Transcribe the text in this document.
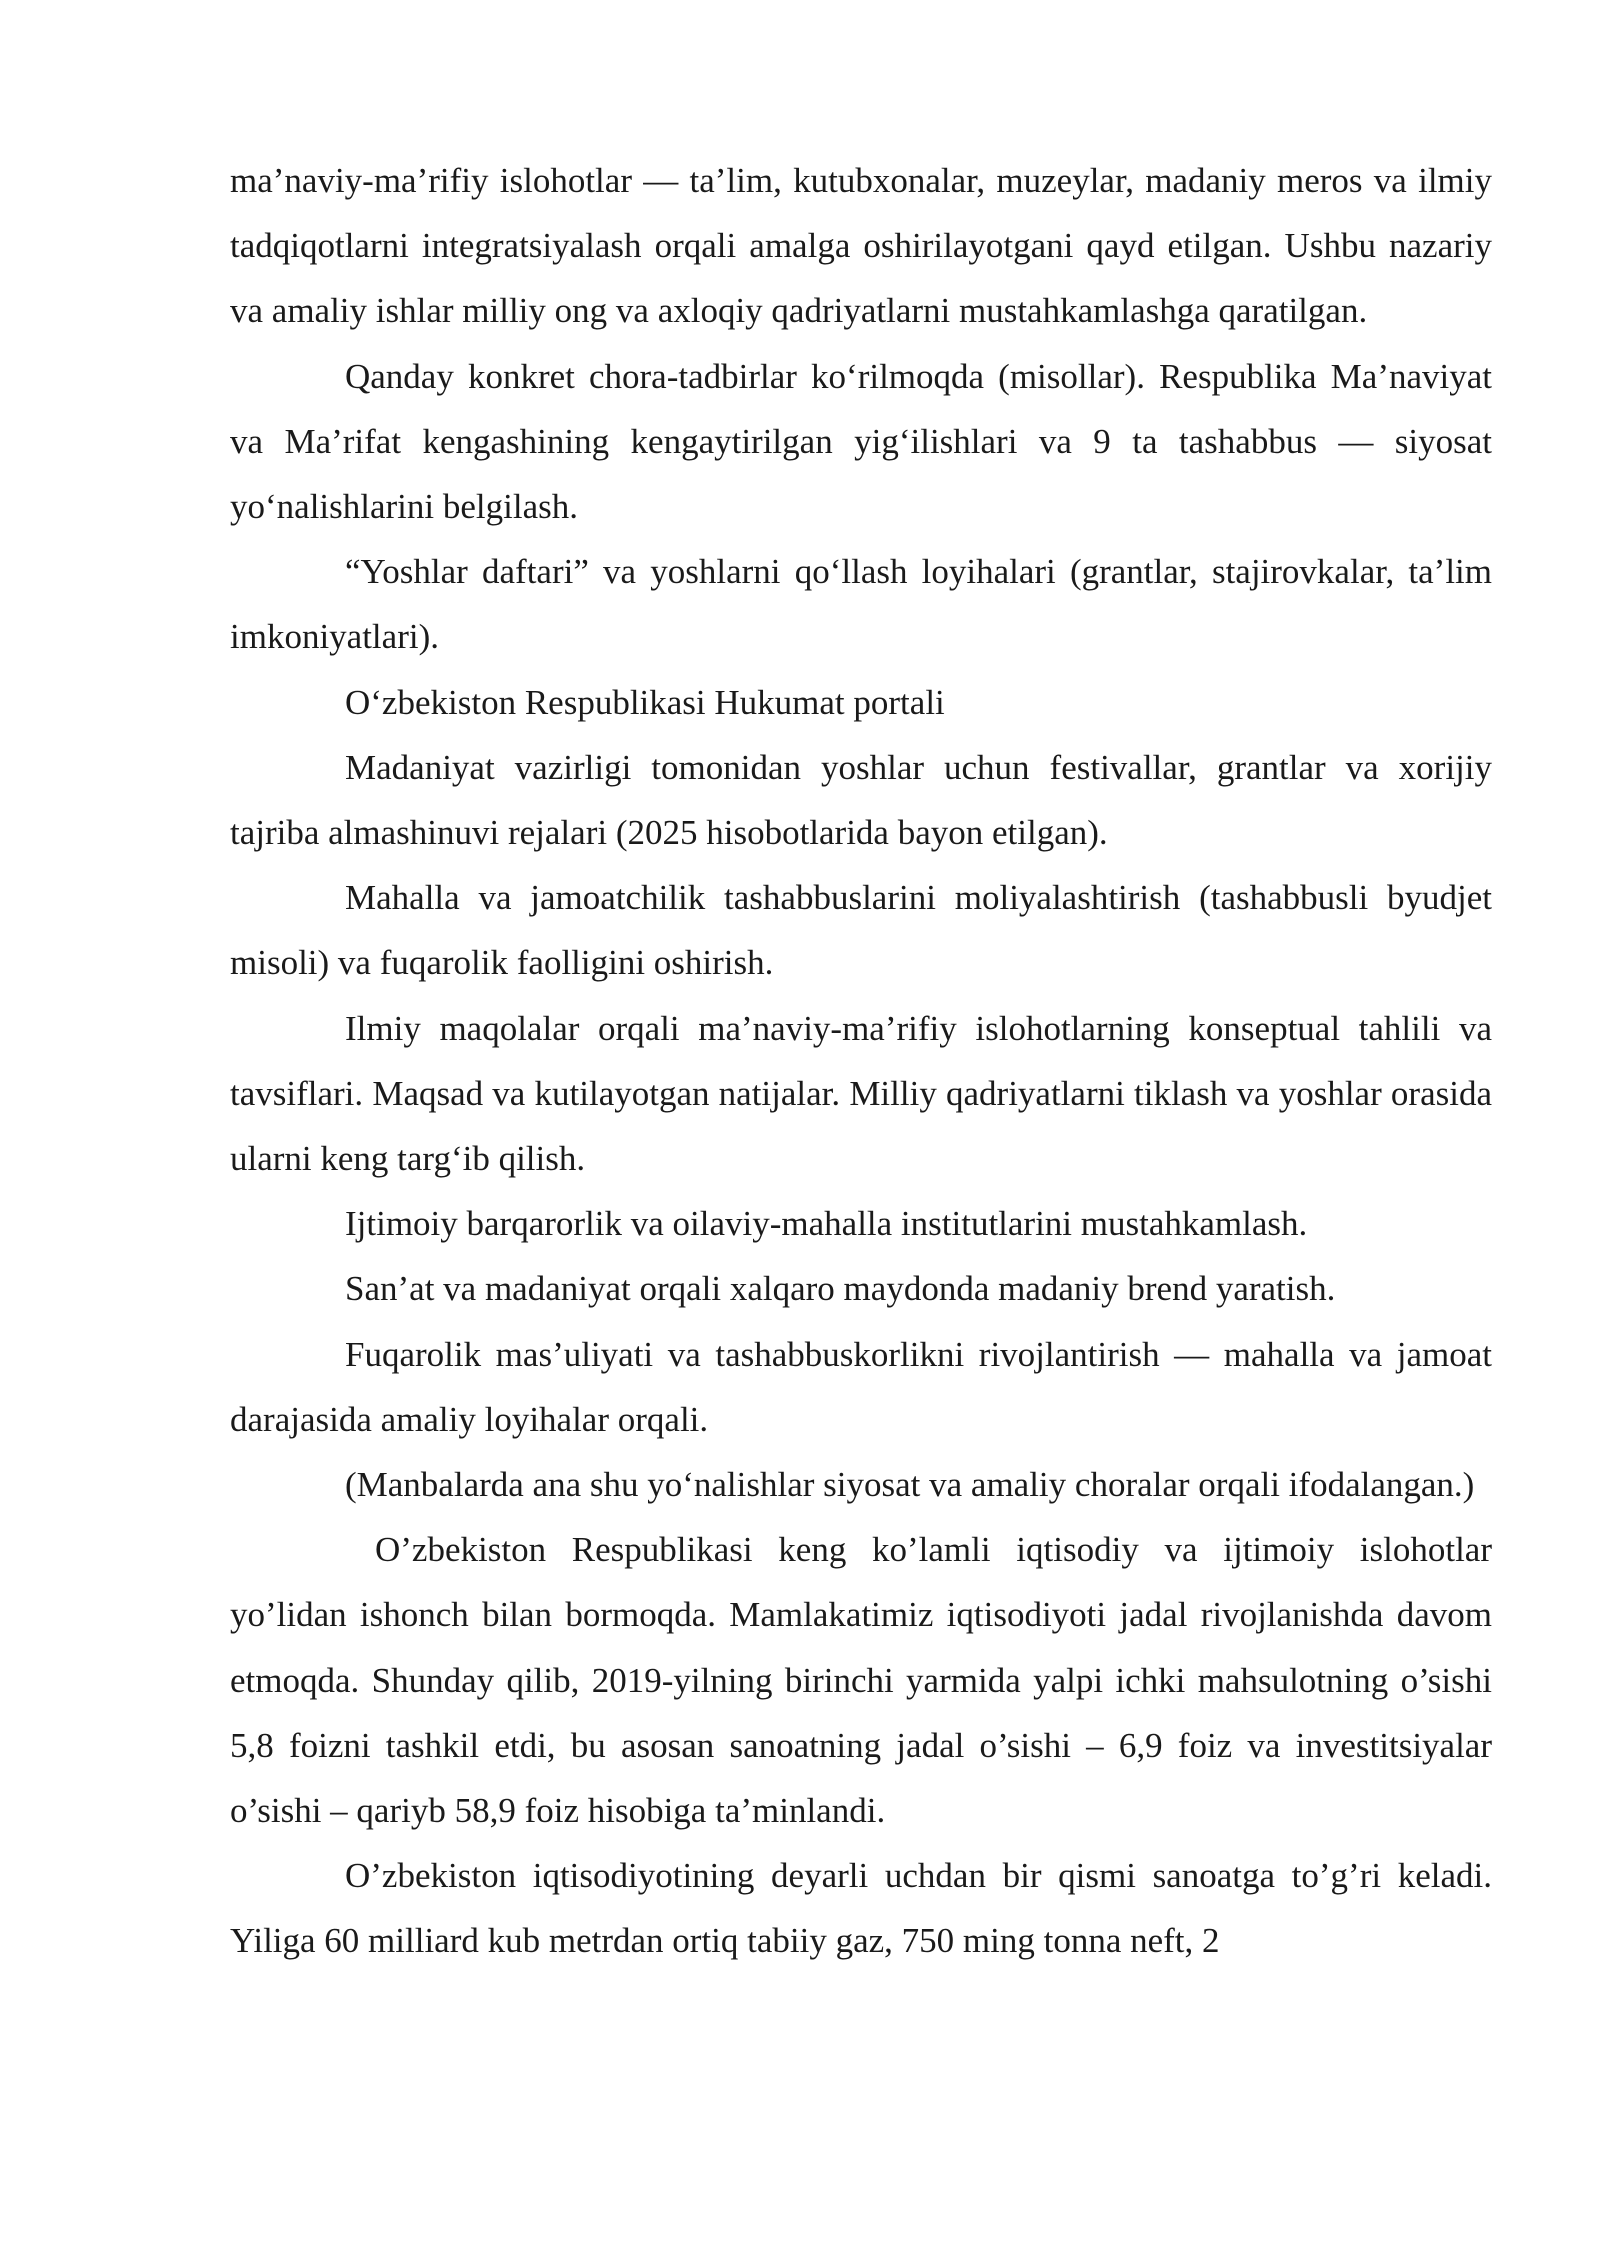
ma’naviy-ma’rifiy islohotlar — ta’lim, kutubxonalar, muzeylar, madaniy meros va ilmiy tadqiqotlarni integratsiyalash orqali amalga oshirilayotgani qayd etilgan. Ushbu nazariy va amaliy ishlar milliy ong va axloqiy qadriyatlarni mustahkamlashga qaratilgan.

Qanday konkret chora-tadbirlar ko‘rilmoqda (misollar). Respublika Ma’naviyat va Ma’rifat kengashining kengaytirilgan yig‘ilishlari va 9 ta tashabbus — siyosat yo‘nalishlarini belgilash.

“Yoshlar daftari” va yoshlarni qo‘llash loyihalari (grantlar, stajirovkalar, ta’lim imkoniyatlari).

O‘zbekiston Respublikasi Hukumat portali

Madaniyat vazirligi tomonidan yoshlar uchun festivallar, grantlar va xorijiy tajriba almashinuvi rejalari (2025 hisobotlarida bayon etilgan).

Mahalla va jamoatchilik tashabbuslarini moliyalashtirish (tashabbusli byudjet misoli) va fuqarolik faolligini oshirish.

Ilmiy maqolalar orqali ma’naviy-ma’rifiy islohotlarning konseptual tahlili va tavsiflari. Maqsad va kutilayotgan natijalar. Milliy qadriyatlarni tiklash va yoshlar orasida ularni keng targ‘ib qilish.

Ijtimoiy barqarorlik va oilaviy-mahalla institutlarini mustahkamlash.

San’at va madaniyat orqali xalqaro maydonda madaniy brend yaratish.

Fuqarolik mas’uliyati va tashabbuskorlikni rivojlantirish — mahalla va jamoat darajasida amaliy loyihalar orqali.

(Manbalarda ana shu yo‘nalishlar siyosat va amaliy choralar orqali ifodalangan.)

O’zbekiston Respublikasi keng ko’lamli iqtisodiy va ijtimoiy islohotlar yo’lidan ishonch bilan bormoqda. Mamlakatimiz iqtisodiyoti jadal rivojlanishda davom etmoqda. Shunday qilib, 2019-yilning birinchi yarmida yalpi ichki mahsulotning o’sishi 5,8 foizni tashkil etdi, bu asosan sanoatning jadal o’sishi – 6,9 foiz va investitsiyalar o’sishi – qariyb 58,9 foiz hisobiga ta’minlandi.

O’zbekiston iqtisodiyotining deyarli uchdan bir qismi sanoatga to’g’ri keladi. Yiliga 60 milliard kub metrdan ortiq tabiiy gaz, 750 ming tonna neft, 2
